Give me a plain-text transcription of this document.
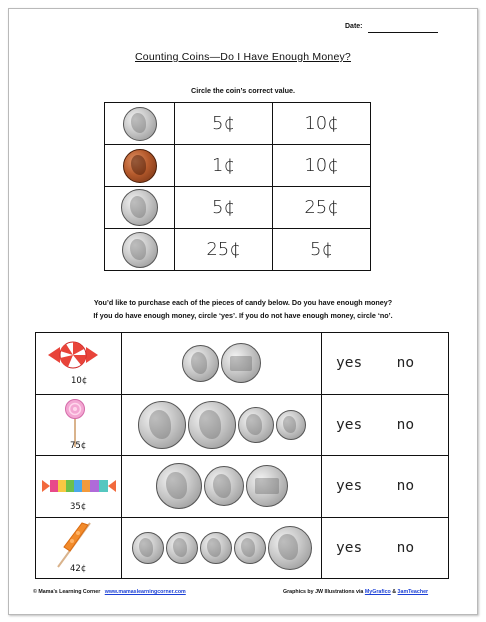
Date:
Counting Coins—Do I Have Enough Money?
Circle the coin’s correct value.
	5¢	10¢
	1¢	10¢
	5¢	25¢
	25¢	5¢
You’d like to purchase each of the pieces of candy below. Do you have enough money?
If you do have enough money, circle ‘yes’. If you do not have enough money, circle ‘no’.
10¢		yes no

75¢		yes no

35¢		yes no

42¢		yes no
© Mama’s Learning Corner www.mamaslearningcorner.com	Graphics by JW Illustrations via MyGrafico & 3amTeacher
